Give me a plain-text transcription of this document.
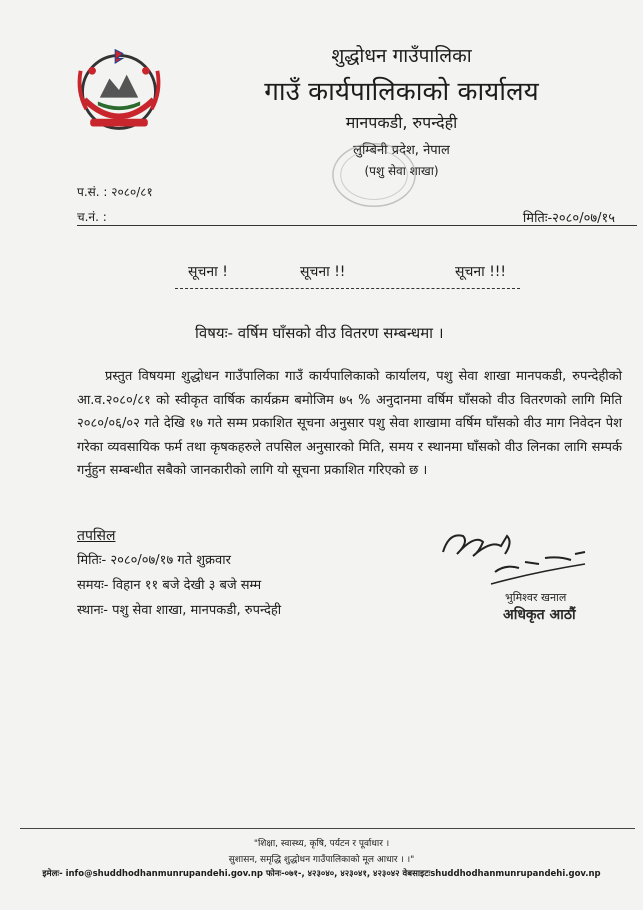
शुद्धोधन गाउँपालिका
गाउँ कार्यपालिकाको कार्यालय
मानपकडी, रुपन्देही
लुम्बिनी प्रदेश, नेपाल
(पशु सेवा शाखा)
प.सं. : २०८०/८१
च.नं. :	मितिः-२०८०/०७/१५
सूचना !	सूचना !!	सूचना !!!
विषयः- वर्षिम घाँसको वीउ वितरण सम्बन्धमा ।
प्रस्तुत विषयमा शुद्धोधन गाउँपालिका गाउँ कार्यपालिकाको कार्यालय, पशु सेवा शाखा मानपकडी, रुपन्देहीको आ.व.२०८०/८१ को स्वीकृत वार्षिक कार्यक्रम बमोजिम ७५ % अनुदानमा वर्षिम घाँसको वीउ वितरणको लागि मिति २०८०/०६/०२ गते देखि १७ गते सम्म प्रकाशित सूचना अनुसार पशु सेवा शाखामा वर्षिम घाँसको वीउ माग निवेदन पेश गरेका व्यवसायिक फर्म तथा कृषकहरुले तपसिल अनुसारको मिति, समय र स्थानमा घाँसको वीउ लिनका लागि सम्पर्क गर्नुहुन सम्बन्धीत सबैको जानकारीको लागि यो सूचना प्रकाशित गरिएको छ ।
तपसिल
मितिः- २०८०/०७/१७ गते शुक्रवार
समयः- विहान ११ बजे देखी ३ बजे सम्म
स्थानः- पशु सेवा शाखा, मानपकडी, रुपन्देही
भुमिश्वर खनाल
अधिकृत आठौं
"शिक्षा, स्वास्थ्य, कृषि, पर्यटन र पूर्वाधार ।
सुशासन, समृद्धि शुद्धोधन गाउँपालिकाको मूल आधार । ।"
इमेलः- info@shuddhodhanmunrupandehi.gov.np फोनः-०७१-, ४२३०४०, ४२३०४१, ४२३०४२ वेबसाइटःshuddhodhanmunrupandehi.gov.np
